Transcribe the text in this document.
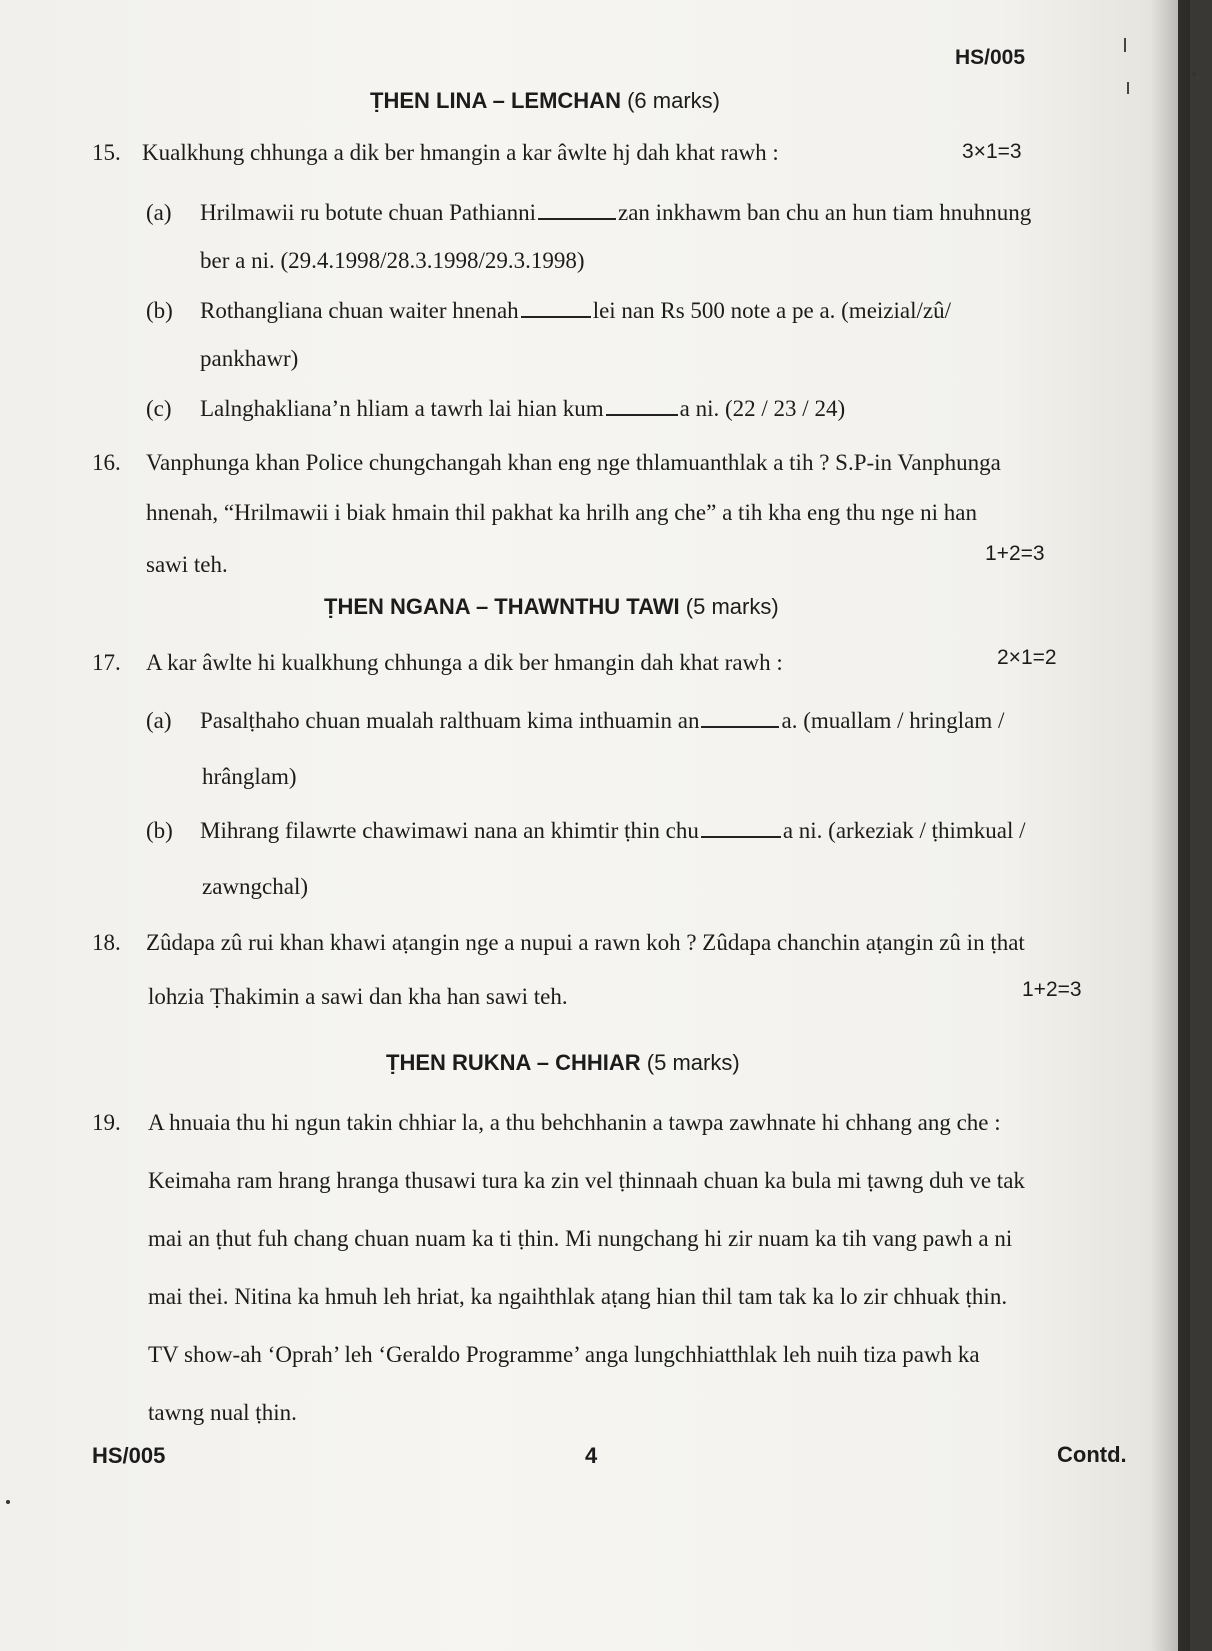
HS/005
ṬHEN LINA – LEMCHAN (6 marks)
15. Kualkhung chhunga a dik ber hmangin a kar âwlte hj dah khat rawh :	3×1=3
(a) Hrilmawii ru botute chuan Pathianni	zan inkhawm ban chu an hun tiam hnuhnung
ber a ni. (29.4.1998/28.3.1998/29.3.1998)
(b) Rothangliana chuan waiter hnenah	lei nan Rs 500 note a pe a. (meizial/zû/
pankhawr)
(c) Lalnghakliana’n hliam a tawrh lai hian kum	a ni. (22 / 23 / 24)
16. Vanphunga khan Police chungchangah khan eng nge thlamuanthlak a tih ? S.P-in Vanphunga
hnenah, “Hrilmawii i biak hmain thil pakhat ka hrilh ang che” a tih kha eng thu nge ni han
sawi teh.	1+2=3
ṬHEN NGANA – THAWNTHU TAWI (5 marks)
17. A kar âwlte hi kualkhung chhunga a dik ber hmangin dah khat rawh :	2×1=2
(a) Pasalṭhaho chuan mualah ralthuam kima inthuamin an	a. (muallam / hringlam /
hrânglam)
(b) Mihrang filawrte chawimawi nana an khimtir ṭhin chu	a ni. (arkeziak / ṭhimkual /
zawngchal)
18. Zûdapa zû rui khan khawi aṭangin nge a nupui a rawn koh ? Zûdapa chanchin aṭangin zû in ṭhat
lohzia Ṭhakimin a sawi dan kha han sawi teh.	1+2=3
ṬHEN RUKNA – CHHIAR (5 marks)
19. A hnuaia thu hi ngun takin chhiar la, a thu behchhanin a tawpa zawhnate hi chhang ang che :
Keimaha ram hrang hranga thusawi tura ka zin vel ṭhinnaah chuan ka bula mi ṭawng duh ve tak
mai an ṭhut fuh chang chuan nuam ka ti ṭhin. Mi nungchang hi zir nuam ka tih vang pawh a ni
mai thei. Nitina ka hmuh leh hriat, ka ngaihthlak aṭang hian thil tam tak ka lo zir chhuak ṭhin.
TV show-ah ‘Oprah’ leh ‘Geraldo Programme’ anga lungchhiatthlak leh nuih tiza pawh ka
tawng nual ṭhin.
HS/005	4	Contd.
